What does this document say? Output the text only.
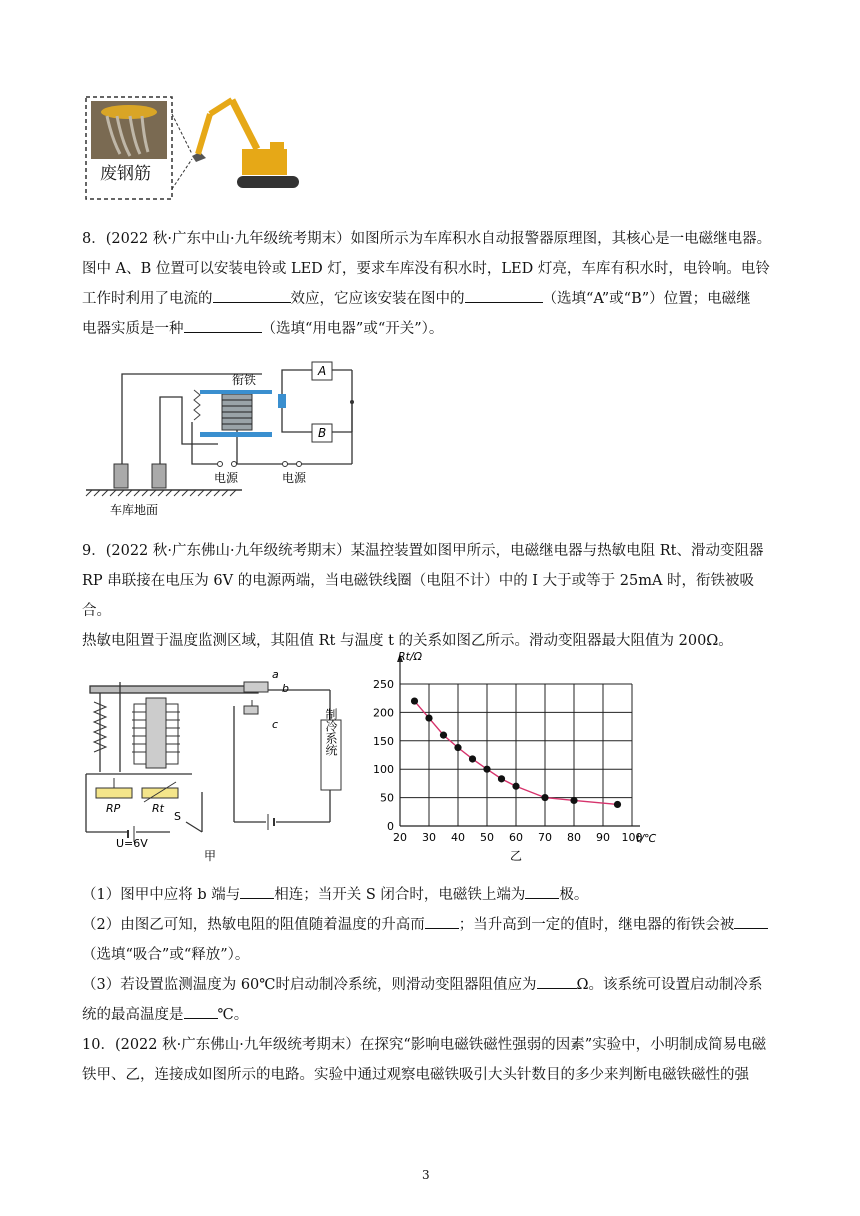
废钢筋
8．(2022 秋·广东中山·九年级统考期末）如图所示为车库积水自动报警器原理图，其核心是一电磁继电器。
图中 A、B 位置可以安装电铃或 LED 灯，要求车库没有积水时，LED 灯亮，车库有积水时，电铃响。电铃
工作时利用了电流的	效应，它应该安装在图中的	（选填“A”或“B”）位置；电磁继
电器实质是一种	（选填“用电器”或“开关”）。
衔铁
A
B
电源	电源
车库地面
9．(2022 秋·广东佛山·九年级统考期末）某温控装置如图甲所示，电磁继电器与热敏电阻 Rt、滑动变阻器
RP 串联接在电压为 6V 的电源两端，当电磁铁线圈（电阻不计）中的 I 大于或等于 25mA 时，衔铁被吸合。
热敏电阻置于温度监测区域，其阻值 Rt 与温度 t 的关系如图乙所示。滑动变阻器最大阻值为 200Ω。
制冷系统
a
b
c
RP	Rt
U=6V
S
甲
20 30 40 50 60 70 80 90 100
0
50
100
150
200
250
Rt/Ω
t/℃
乙
（1）图甲中应将 b 端与 相连；当开关 S 闭合时，电磁铁上端为 极。
（2）由图乙可知，热敏电阻的阻值随着温度的升高而 ；当升高到一定的值时，继电器的衔铁会被
（选填“吸合”或“释放”）。
（3）若设置监测温度为 60℃时启动制冷系统，则滑动变阻器阻值应为	Ω。该系统可设置启动制冷系
统的最高温度是 ℃。
10．(2022 秋·广东佛山·九年级统考期末）在探究“影响电磁铁磁性强弱的因素”实验中，小明制成简易电磁
铁甲、乙，连接成如图所示的电路。实验中通过观察电磁铁吸引大头针数目的多少来判断电磁铁磁性的强
3
